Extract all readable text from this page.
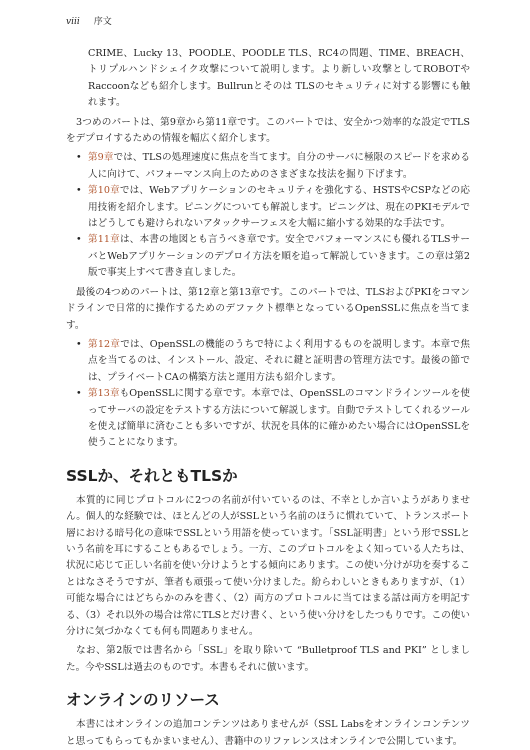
viii 序文

CRIME、Lucky 13、POODLE、POODLE TLS、RC4の問題、TIME、BREACH、トリプルハンドシェイク攻撃について説明します。より新しい攻撃としてROBOTやRaccoonなども紹介します。Bullrunとそのは TLSのセキュリティに対する影響にも触れます。

3つめのパートは、第9章から第11章です。このパートでは、安全かつ効率的な設定でTLSをデプロイするための情報を幅広く紹介します。

• 第9章では、TLSの処理速度に焦点を当てます。自分のサーバに極限のスピードを求める人に向けて、パフォーマンス向上のためのさまざまな技法を掘り下げます。
• 第10章では、Webアプリケーションのセキュリティを強化する、HSTSやCSPなどの応用技術を紹介します。ピニングについても解説します。ピニングは、現在のPKIモデルではどうしても避けられないアタックサーフェスを大幅に縮小する効果的な手法です。
• 第11章は、本書の地図とも言うべき章です。安全でパフォーマンスにも優れるTLSサーバとWebアプリケーションのデプロイ方法を順を追って解説していきます。この章は第2版で事実上すべて書き直しました。

最後の4つめのパートは、第12章と第13章です。このパートでは、TLSおよびPKIをコマンドラインで日常的に操作するためのデファクト標準となっているOpenSSLに焦点を当てます。

• 第12章では、OpenSSLの機能のうちで特によく利用するものを説明します。本章で焦点を当てるのは、インストール、設定、それに鍵と証明書の管理方法です。最後の節では、プライベートCAの構築方法と運用方法も紹介します。
• 第13章もOpenSSLに関する章です。本章では、OpenSSLのコマンドラインツールを使ってサーバの設定をテストする方法について解説します。自動でテストしてくれるツールを使えば簡単に済むことも多いですが、状況を具体的に確かめたい場合にはOpenSSLを使うことになります。
SSLか、それともTLSか

本質的に同じプロトコルに2つの名前が付いているのは、不幸としか言いようがありません。個人的な経験では、ほとんどの人がSSLという名前のほうに慣れていて、トランスポート層における暗号化の意味でSSLという用語を使っています。「SSL証明書」という形でSSLという名前を耳にすることもあるでしょう。一方、このプロトコルをよく知っている人たちは、状況に応じて正しい名前を使い分けようとする傾向にあります。この使い分けが功を奏することはなさそうですが、筆者も頑張って使い分けました。紛らわしいときもありますが、（1）可能な場合にはどちらかのみを書く、（2）両方のプロトコルに当てはまる話は両方を明記する、（3）それ以外の場合は常にTLSとだけ書く、という使い分けをしたつもりです。この使い分けに気づかなくても何も問題ありません。

なお、第2版では書名から「SSL」を取り除いて “Bulletproof TLS and PKI” としました。今やSSLは過去のものです。本書もそれに倣います。

オンラインのリソース

本書にはオンラインの追加コンテンツはありませんが（SSL Labsをオンラインコンテンツと思ってもらってもかまいません）、書籍中のリファレンスはオンラインで公開しています。
